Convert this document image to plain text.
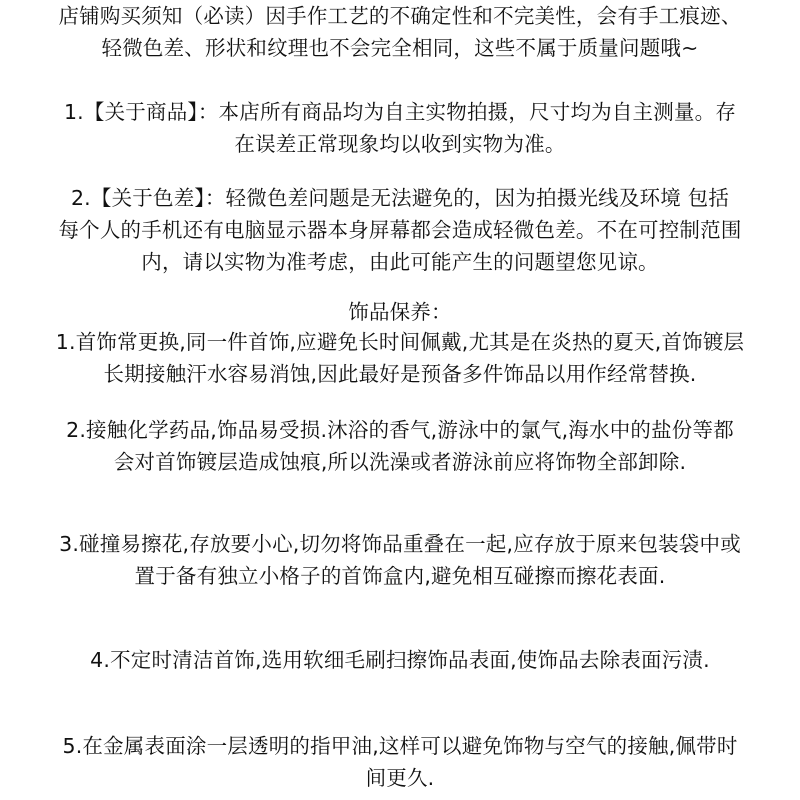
店铺购买须知（必读）因手作工艺的不确定性和不完美性，会有手工痕迹、
轻微色差、形状和纹理也不会完全相同，这些不属于质量问题哦~
1.【关于商品】：本店所有商品均为自主实物拍摄，尺寸均为自主测量。存
在误差正常现象均以收到实物为准。
2.【关于色差】：轻微色差问题是无法避免的，因为拍摄光线及环境 包括
每个人的手机还有电脑显示器本身屏幕都会造成轻微色差。不在可控制范围
内，请以实物为准考虑，由此可能产生的问题望您见谅。
饰品保养：
1.首饰常更换,同一件首饰,应避免长时间佩戴,尤其是在炎热的夏天,首饰镀层
长期接触汗水容易消蚀,因此最好是预备多件饰品以用作经常替换.
2.接触化学药品,饰品易受损.沐浴的香气,游泳中的氯气,海水中的盐份等都
会对首饰镀层造成蚀痕,所以洗澡或者游泳前应将饰物全部卸除.
3.碰撞易擦花,存放要小心,切勿将饰品重叠在一起,应存放于原来包装袋中或
置于备有独立小格子的首饰盒内,避免相互碰擦而擦花表面.
4.不定时清洁首饰,选用软细毛刷扫擦饰品表面,使饰品去除表面污渍.
5.在金属表面涂一层透明的指甲油,这样可以避免饰物与空气的接触,佩带时
间更久.
